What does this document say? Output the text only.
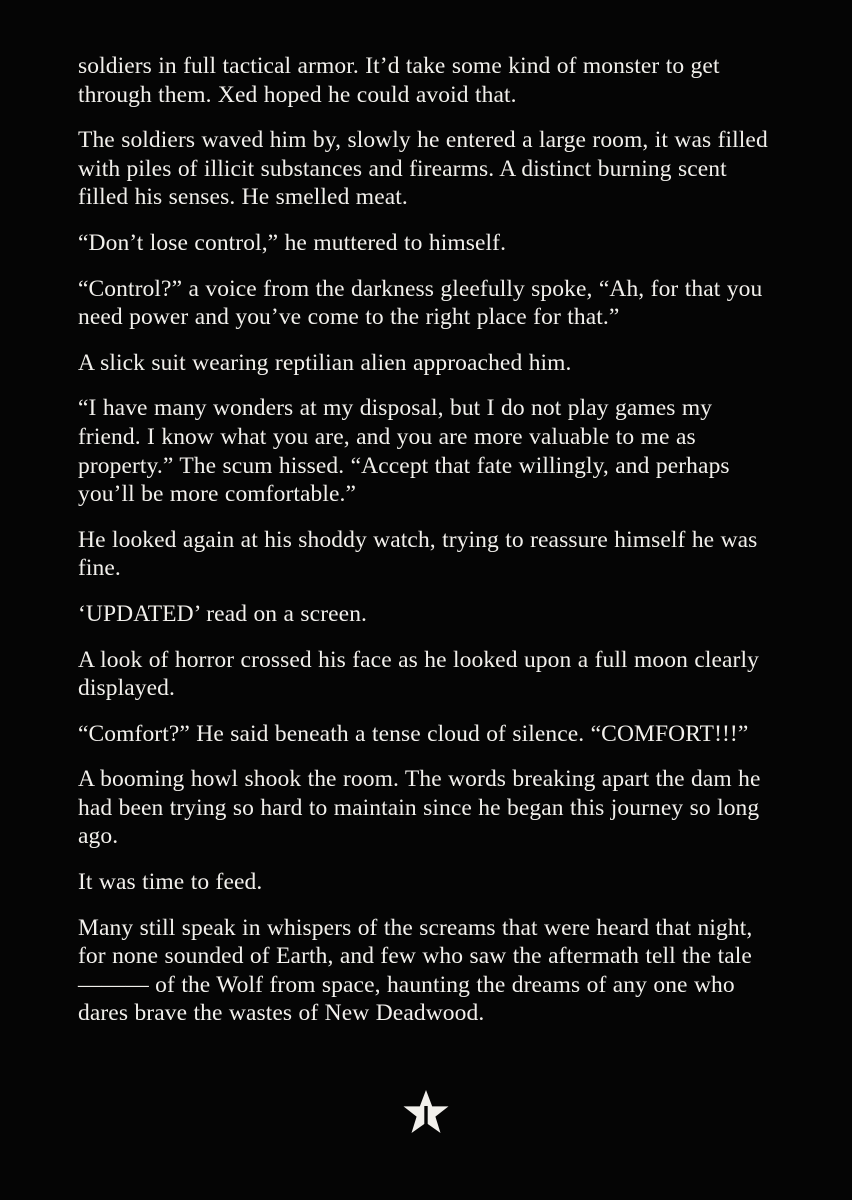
soldiers in full tactical armor. It’d take some kind of monster to get through them. Xed hoped he could avoid that.

The soldiers waved him by, slowly he entered a large room, it was filled with piles of illicit substances and firearms. A distinct burning scent filled his senses. He smelled meat.

“Don’t lose control,” he muttered to himself.

“Control?” a voice from the darkness gleefully spoke, “Ah, for that you need power and you’ve come to the right place for that.”

A slick suit wearing reptilian alien approached him.

“I have many wonders at my disposal, but I do not play games my friend. I know what you are, and you are more valuable to me as property.” The scum hissed. “Accept that fate willingly, and perhaps you’ll be more comfortable.”

He looked again at his shoddy watch, trying to reassure himself he was fine.

‘UPDATED’ read on a screen.

A look of horror crossed his face as he looked upon a full moon clearly displayed.

“Comfort?” He said beneath a tense cloud of silence. “COMFORT!!!”

A booming howl shook the room. The words breaking apart the dam he had been trying so hard to maintain since he began this journey so long ago.

It was time to feed.

Many still speak in whispers of the screams that were heard that night, for none sounded of Earth, and few who saw the aftermath tell the tale ——— of the Wolf from space, haunting the dreams of any one who dares brave the wastes of New Deadwood.
